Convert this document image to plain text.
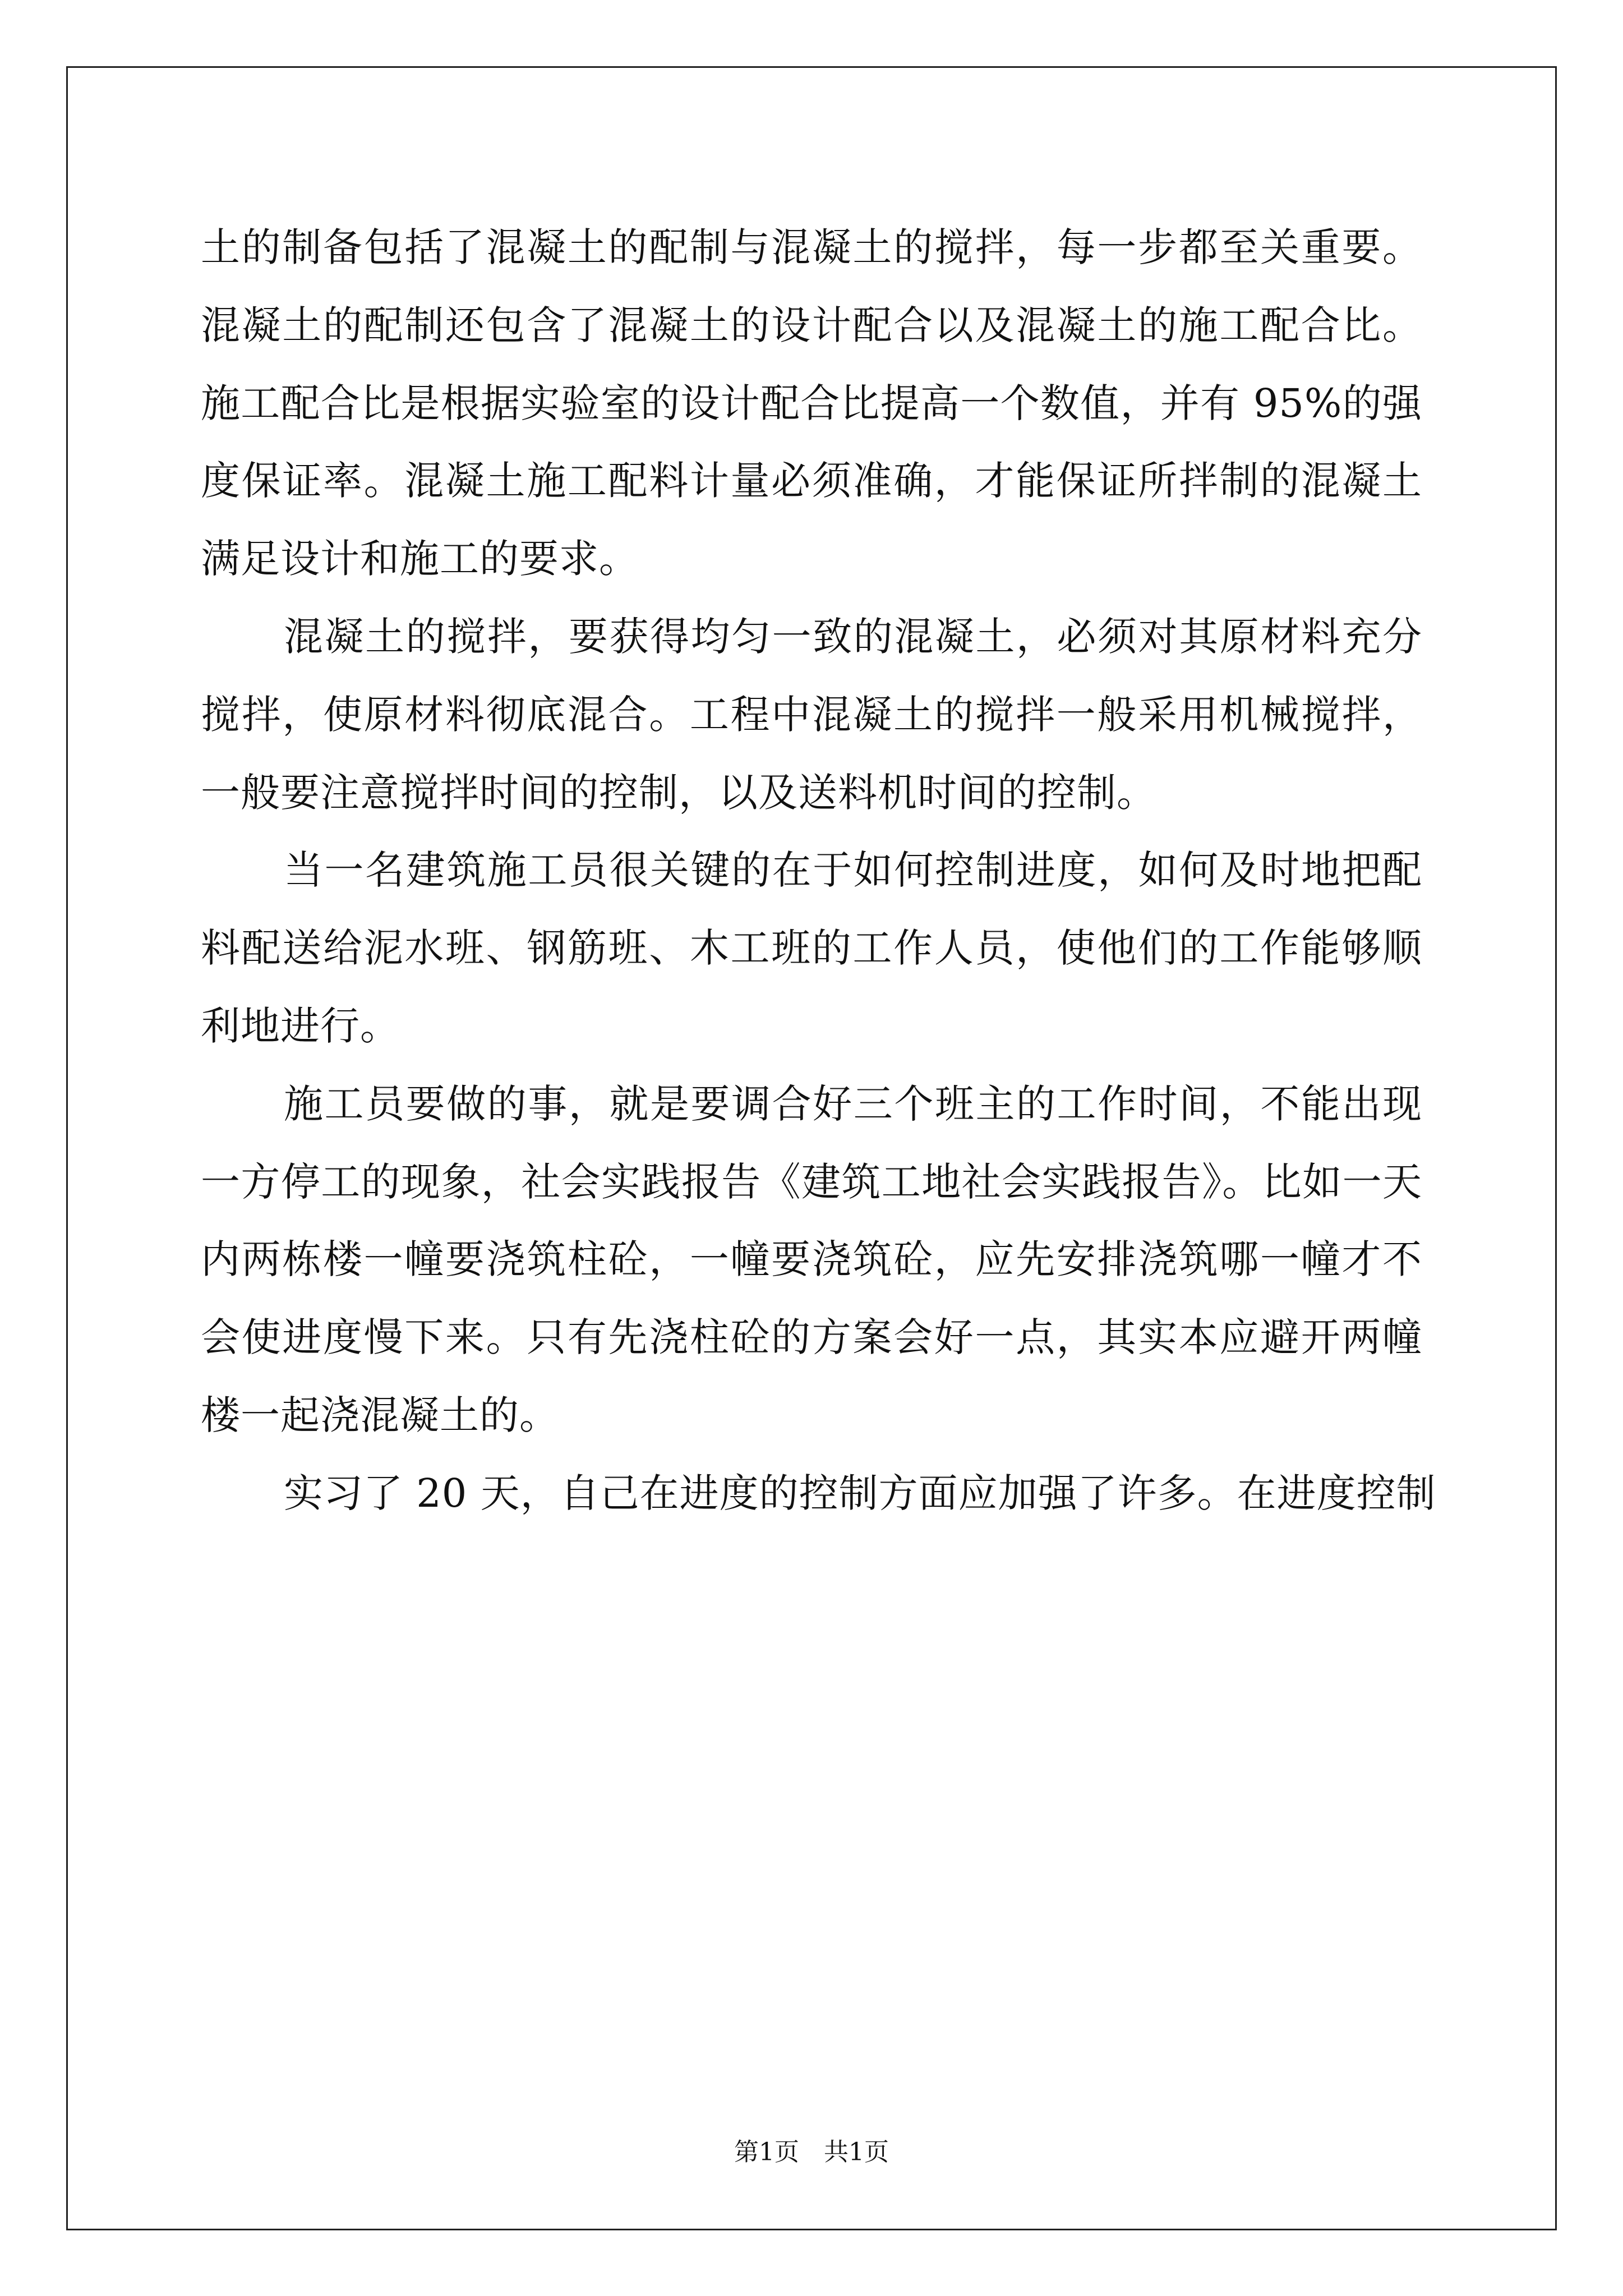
土的制备包括了混凝土的配制与混凝土的搅拌，每一步都至关重要。
混凝土的配制还包含了混凝土的设计配合以及混凝土的施工配合比。
施工配合比是根据实验室的设计配合比提高一个数值，并有 95%的强
度保证率。混凝土施工配料计量必须准确，才能保证所拌制的混凝土
满足设计和施工的要求。

混凝土的搅拌，要获得均匀一致的混凝土，必须对其原材料充分
搅拌，使原材料彻底混合。工程中混凝土的搅拌一般采用机械搅拌，
一般要注意搅拌时间的控制，以及送料机时间的控制。

当一名建筑施工员很关键的在于如何控制进度，如何及时地把配
料配送给泥水班、钢筋班、木工班的工作人员，使他们的工作能够顺
利地进行。

施工员要做的事，就是要调合好三个班主的工作时间，不能出现
一方停工的现象，社会实践报告《建筑工地社会实践报告》。比如一天
内两栋楼一幢要浇筑柱砼，一幢要浇筑砼，应先安排浇筑哪一幢才不
会使进度慢下来。只有先浇柱砼的方案会好一点，其实本应避开两幢
楼一起浇混凝土的。

实习了 20 天，自己在进度的控制方面应加强了许多。在进度控制

第1页　共1页
